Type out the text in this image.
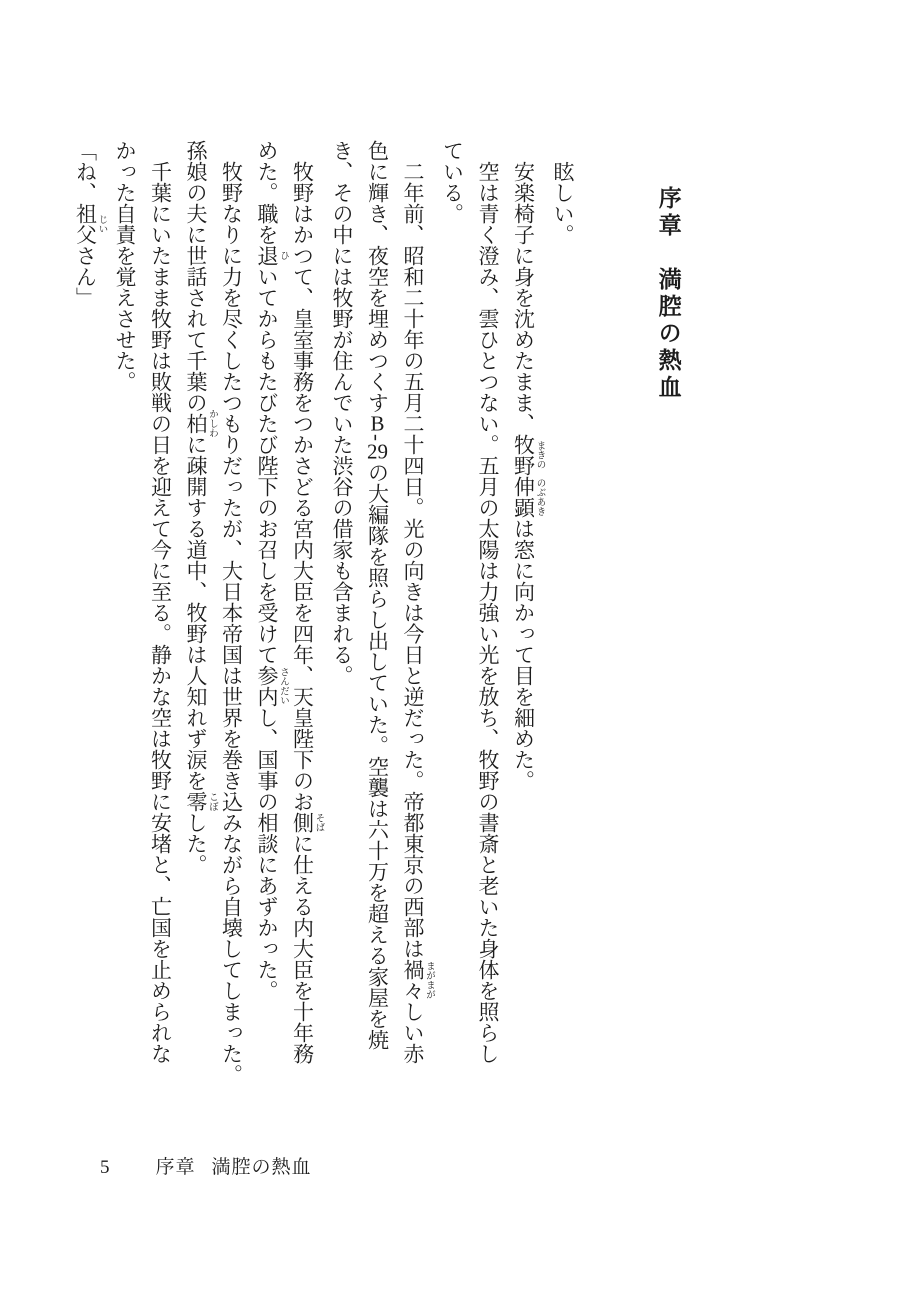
序章　満腔の熱血

眩しい。

安楽椅子に身を沈めたまま、牧野 まきの伸顕 のぶあきは窓に向かって目を細めた。

空は青く澄み、雲ひとつない。五月の太陽は力強い光を放ち、牧野の書斎と老いた身体を照らし
ている。

二年前、昭和二十年の五月二十四日。光の向きは今日と逆だった。帝都東京の西部は禍々 まがまがしい赤
色に輝き、夜空を埋めつくすB‐29の大編隊を照らし出していた。空襲は六十万を超える家屋を焼
き、その中には牧野が住んでいた渋谷の借家も含まれる。

牧野はかつて、皇室事務をつかさどる宮内大臣を四年、天皇陛下のお側 そばに仕える内大臣を十年務
めた。職を退 ひいてからもたびたび陛下のお召しを受けて参内 さんだいし、国事の相談にあずかった。

牧野なりに力を尽くしたつもりだったが、大日本帝国は世界を巻き込みながら自壊してしまった。
孫娘の夫に世話されて千葉の柏 かしわに疎開する道中、牧野は人知れず涙を零 こぼした。

千葉にいたまま牧野は敗戦の日を迎えて今に至る。静かな空は牧野に安堵と、亡国を止められな
かった自責を覚えさせた。

「ね、祖父 じいさん」

5 序章 満腔の熱血
